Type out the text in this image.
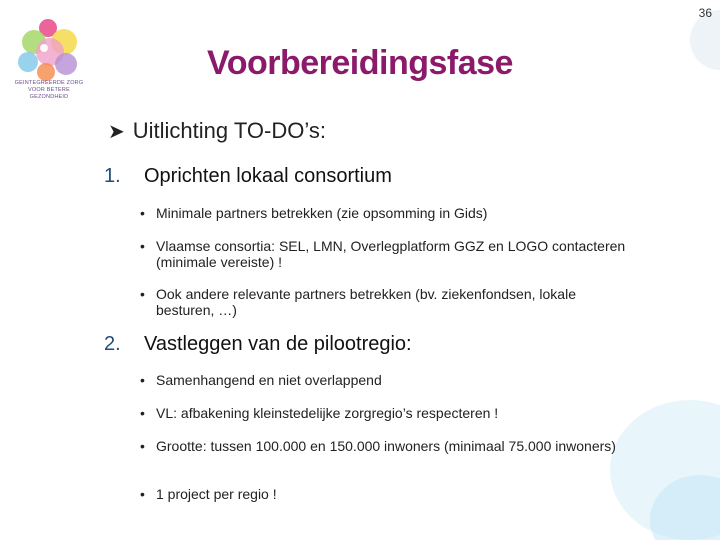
36
GEINTEGREERDE ZORG
VOOR BETERE GEZONDHEID
Voorbereidingsfase
➤ Uitlichting TO-DO’s:
1. Oprichten lokaal consortium
• Minimale partners betrekken (zie opsomming in Gids)
• Vlaamse consortia: SEL, LMN, Overlegplatform GGZ en LOGO contacteren (minimale vereiste) !
• Ook andere relevante partners betrekken (bv. ziekenfondsen, lokale besturen, …)
2. Vastleggen van de pilootregio:
• Samenhangend en niet overlappend
• VL: afbakening kleinstedelijke zorgregio’s respecteren !
• Grootte: tussen 100.000 en 150.000 inwoners (minimaal 75.000 inwoners)
• 1 project per regio !
